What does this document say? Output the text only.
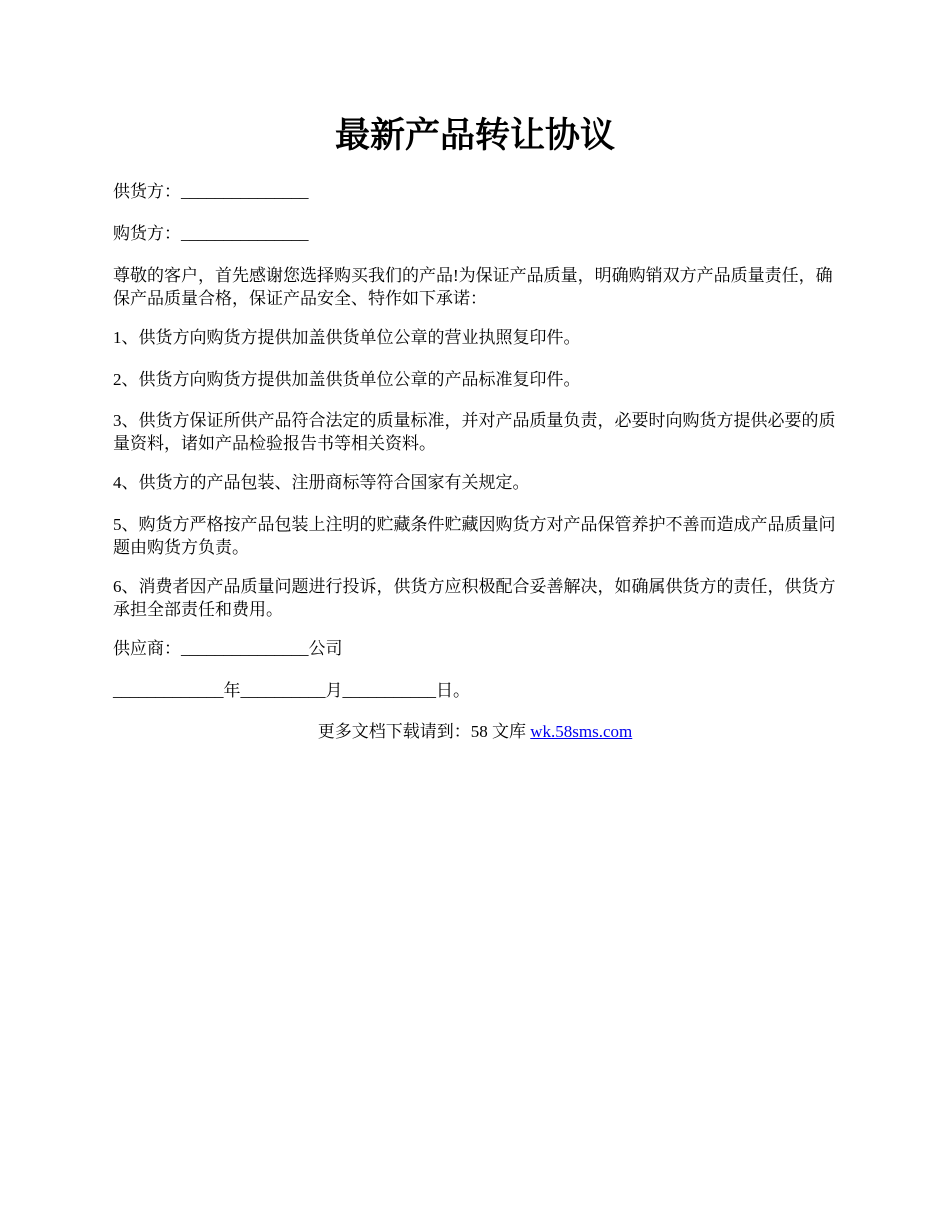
最新产品转让协议

供货方：_______________

购货方：_______________

尊敬的客户，首先感谢您选择购买我们的产品!为保证产品质量，明确购销双方产品质量责任，确保产品质量合格，保证产品安全、特作如下承诺：

1、供货方向购货方提供加盖供货单位公章的营业执照复印件。

2、供货方向购货方提供加盖供货单位公章的产品标准复印件。

3、供货方保证所供产品符合法定的质量标准，并对产品质量负责，必要时向购货方提供必要的质量资料，诸如产品检验报告书等相关资料。

4、供货方的产品包装、注册商标等符合国家有关规定。

5、购货方严格按产品包装上注明的贮藏条件贮藏因购货方对产品保管养护不善而造成产品质量问题由购货方负责。

6、消费者因产品质量问题进行投诉，供货方应积极配合妥善解决，如确属供货方的责任，供货方承担全部责任和费用。

供应商：_______________公司

_____________年__________月___________日。

更多文档下载请到：58 文库 wk.58sms.com
